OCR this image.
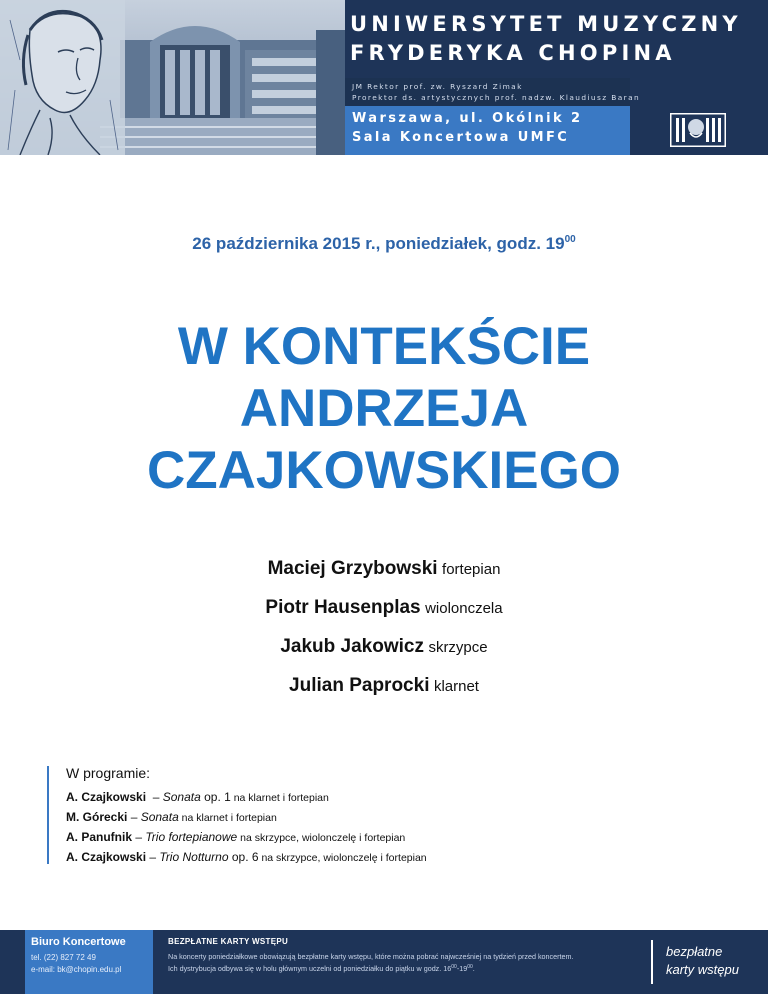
UNIWERSYTET MUZYCZNY
FRYDERYKA CHOPINA
JM Rektor prof. zw. Ryszard Zimak
Prorektor ds. artystycznych prof. nadzw. Klaudiusz Baran
Warszawa, ul. Okólnik 2
Sala Koncertowa UMFC
26 października 2015 r., poniedziałek, godz. $19^{00}$
W KONTEKŚCIE
ANDRZEJA
CZAJKOWSKIEGO
Maciej Grzybowski fortepian
Piotr Hausenplas wiolonczela
Jakub Jakowicz skrzypce
Julian Paprocki klarnet
W programie:
A. Czajkowski  – Sonata op. 1 na klarnet i fortepian
M. Górecki – Sonata na klarnet i fortepian
A. Panufnik – Trio fortepianowe na skrzypce, wiolonczelę i fortepian
A. Czajkowski – Trio Notturno op. 6 na skrzypce, wiolonczelę i fortepian
Biuro Koncertowe
tel. (22) 827 72 49
e-mail: bk@chopin.edu.pl
BEZPŁATNE KARTY WSTĘPU
Na koncerty poniedziałkowe obowiązują bezpłatne karty wstępu, które można pobrać najwcześniej na tydzień przed koncertem.
Ich dystrybucja odbywa się w holu głównym uczelni od poniedziałku do piątku w godz. $16^{00}-19^{00}$.
bezpłatne
karty wstępu
